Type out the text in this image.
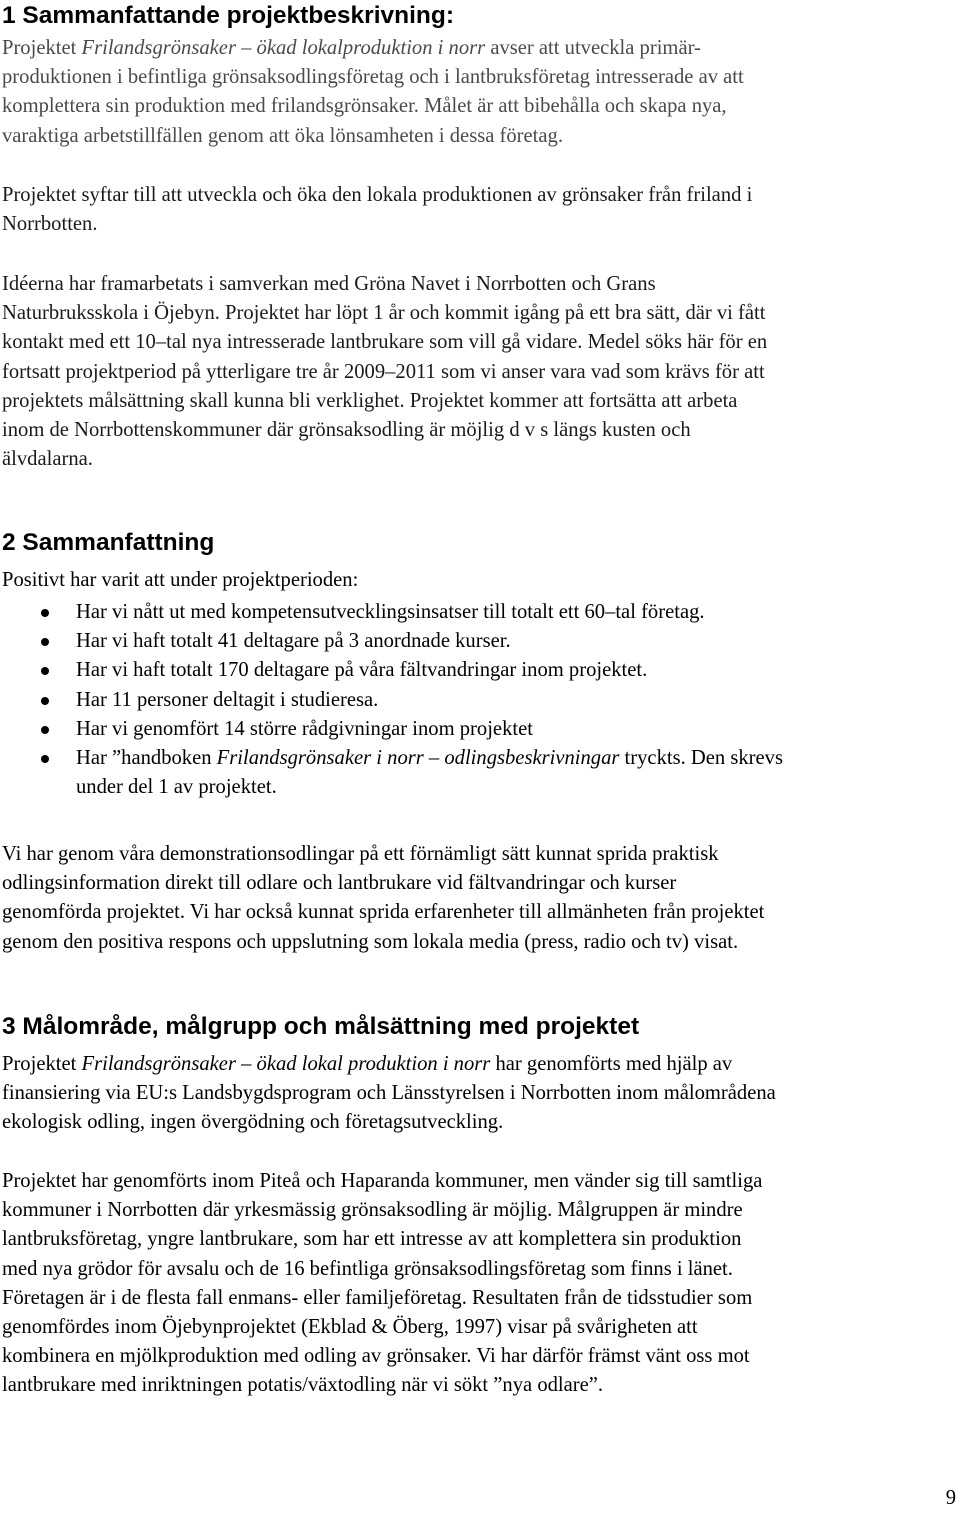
1 Sammanfattande projektbeskrivning:

Projektet Frilandsgrönsaker – ökad lokalproduktion i norr avser att utveckla primär-
produktionen i befintliga grönsaksodlingsföretag och i lantbruksföretag intresserade av att
komplettera sin produktion med frilandsgrönsaker. Målet är att bibehålla och skapa nya,
varaktiga arbetstillfällen genom att öka lönsamheten i dessa företag.

Projektet syftar till att utveckla och öka den lokala produktionen av grönsaker från friland i
Norrbotten.

Idéerna har framarbetats i samverkan med Gröna Navet i Norrbotten och Grans
Naturbruksskola i Öjebyn. Projektet har löpt 1 år och kommit igång på ett bra sätt, där vi fått
kontakt med ett 10–tal nya intresserade lantbrukare som vill gå vidare. Medel söks här för en
fortsatt projektperiod på ytterligare tre år 2009–2011 som vi anser vara vad som krävs för att
projektets målsättning skall kunna bli verklighet. Projektet kommer att fortsätta att arbeta
inom de Norrbottenskommuner där grönsaksodling är möjlig d v s längs kusten och
älvdalarna.

2 Sammanfattning

Positivt har varit att under projektperioden:

Har vi nått ut med kompetensutvecklingsinsatser till totalt ett 60–tal företag.
Har vi haft totalt 41 deltagare på 3 anordnade kurser.
Har vi haft totalt 170 deltagare på våra fältvandringar inom projektet.
Har 11 personer deltagit i studieresa.
Har vi genomfört 14 större rådgivningar inom projektet
Har ”handboken Frilandsgrönsaker i norr – odlingsbeskrivningar tryckts. Den skrevs
under del 1 av projektet.

Vi har genom våra demonstrationsodlingar på ett förnämligt sätt kunnat sprida praktisk
odlingsinformation direkt till odlare och lantbrukare vid fältvandringar och kurser
genomförda projektet. Vi har också kunnat sprida erfarenheter till allmänheten från projektet
genom den positiva respons och uppslutning som lokala media (press, radio och tv) visat.

3 Målområde, målgrupp och målsättning med projektet

Projektet Frilandsgrönsaker – ökad lokal produktion i norr har genomförts med hjälp av
finansiering via EU:s Landsbygdsprogram och Länsstyrelsen i Norrbotten inom målområdena
ekologisk odling, ingen övergödning och företagsutveckling.

Projektet har genomförts inom Piteå och Haparanda kommuner, men vänder sig till samtliga
kommuner i Norrbotten där yrkesmässig grönsaksodling är möjlig. Målgruppen är mindre
lantbruksföretag, yngre lantbrukare, som har ett intresse av att komplettera sin produktion
med nya grödor för avsalu och de 16 befintliga grönsaksodlingsföretag som finns i länet.
Företagen är i de flesta fall enmans- eller familjeföretag. Resultaten från de tidsstudier som
genomfördes inom Öjebynprojektet (Ekblad & Öberg, 1997) visar på svårigheten att
kombinera en mjölkproduktion med odling av grönsaker. Vi har därför främst vänt oss mot
lantbrukare med inriktningen potatis/växtodling när vi sökt ”nya odlare”.

9
